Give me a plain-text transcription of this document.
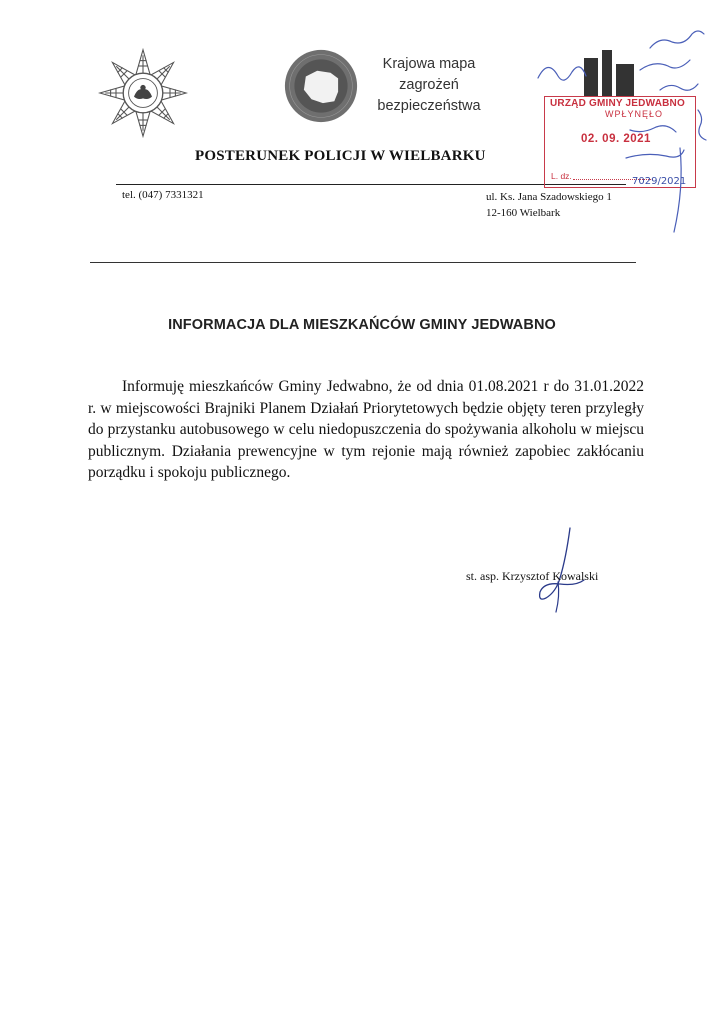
Krajowa mapa
zagrożeń
bezpieczeństwa
POSTERUNEK POLICJI W WIELBARKU
tel. (047) 7331321	ul. Ks. Jana Szadowskiego 1
12-160 Wielbark
URZĄD GMINY JEDWABNO
WPŁYNĘŁO
02. 09. 2021
L. dz.	7029/2021
INFORMACJA DLA MIESZKAŃCÓW GMINY JEDWABNO
Informuję mieszkańców Gminy Jedwabno, że od dnia 01.08.2021 r do 31.01.2022 r. w miejscowości Brajniki Planem Działań Priorytetowych będzie objęty teren przyległy do przystanku autobusowego w celu niedopuszczenia do spożywania alkoholu w miejscu publicznym. Działania prewencyjne w tym rejonie mają również zapobiec zakłócaniu porządku i spokoju publicznego.
st. asp. Krzysztof Kowalski
